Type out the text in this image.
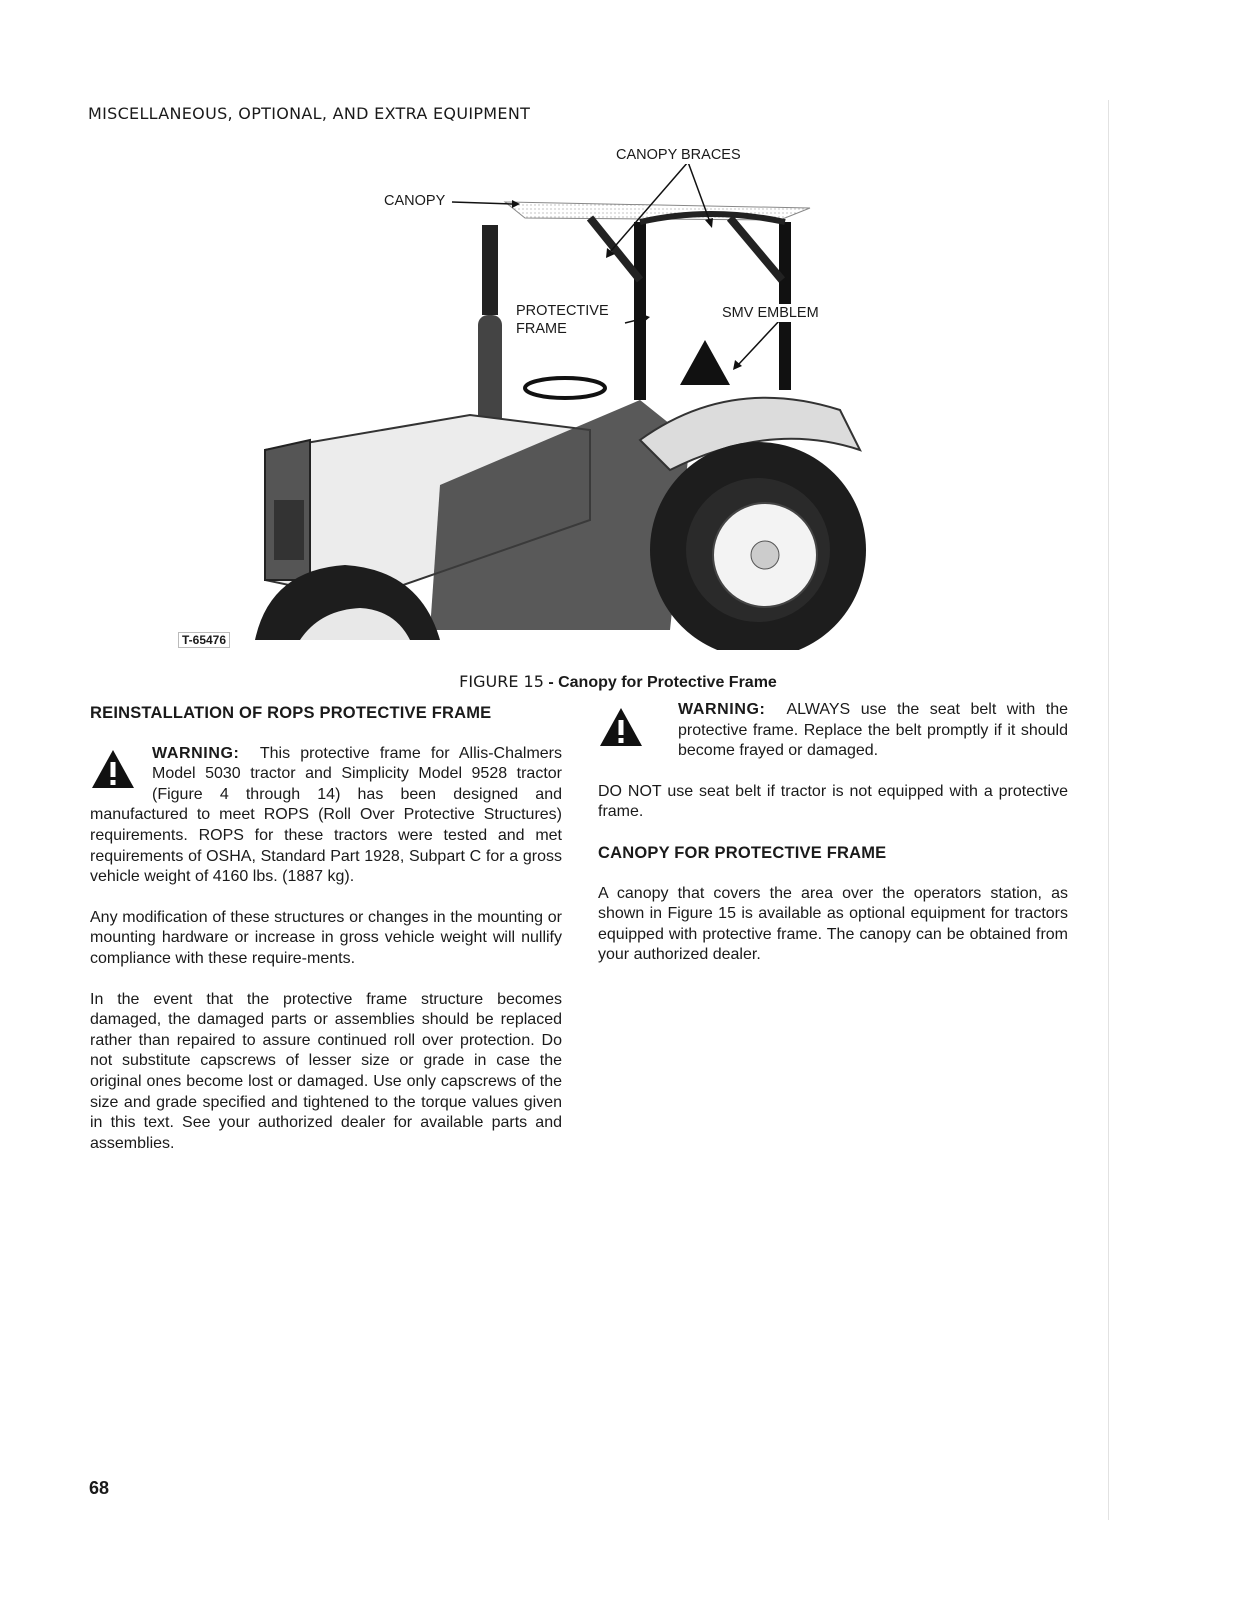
MISCELLANEOUS, OPTIONAL, AND EXTRA EQUIPMENT
CANOPY
CANOPY BRACES
PROTECTIVE
FRAME
SMV EMBLEM
T-65476
FIGURE 15 - Canopy for Protective Frame
REINSTALLATION OF ROPS PROTECTIVE FRAME

WARNING: This protective frame for Allis-Chalmers Model 5030 tractor and Simplicity Model 9528 tractor (Figure 4 through 14) has been designed and manufactured to meet ROPS (Roll Over Protective Structures) requirements. ROPS for these tractors were tested and met requirements of OSHA, Standard Part 1928, Subpart C for a gross vehicle weight of 4160 lbs. (1887 kg).

Any modification of these structures or changes in the mounting or mounting hardware or increase in gross vehicle weight will nullify compliance with these require-ments.

In the event that the protective frame structure becomes damaged, the damaged parts or assemblies should be replaced rather than repaired to assure continued roll over protection. Do not substitute capscrews of lesser size or grade in case the original ones become lost or damaged. Use only capscrews of the size and grade specified and tightened to the torque values given in this text. See your authorized dealer for available parts and assemblies.

WARNING: ALWAYS use the seat belt with the protective frame. Replace the belt promptly if it should become frayed or damaged.

DO NOT use seat belt if tractor is not equipped with a protective frame.

CANOPY FOR PROTECTIVE FRAME

A canopy that covers the area over the operators station, as shown in Figure 15 is available as optional equipment for tractors equipped with protective frame. The canopy can be obtained from your authorized dealer.

68
